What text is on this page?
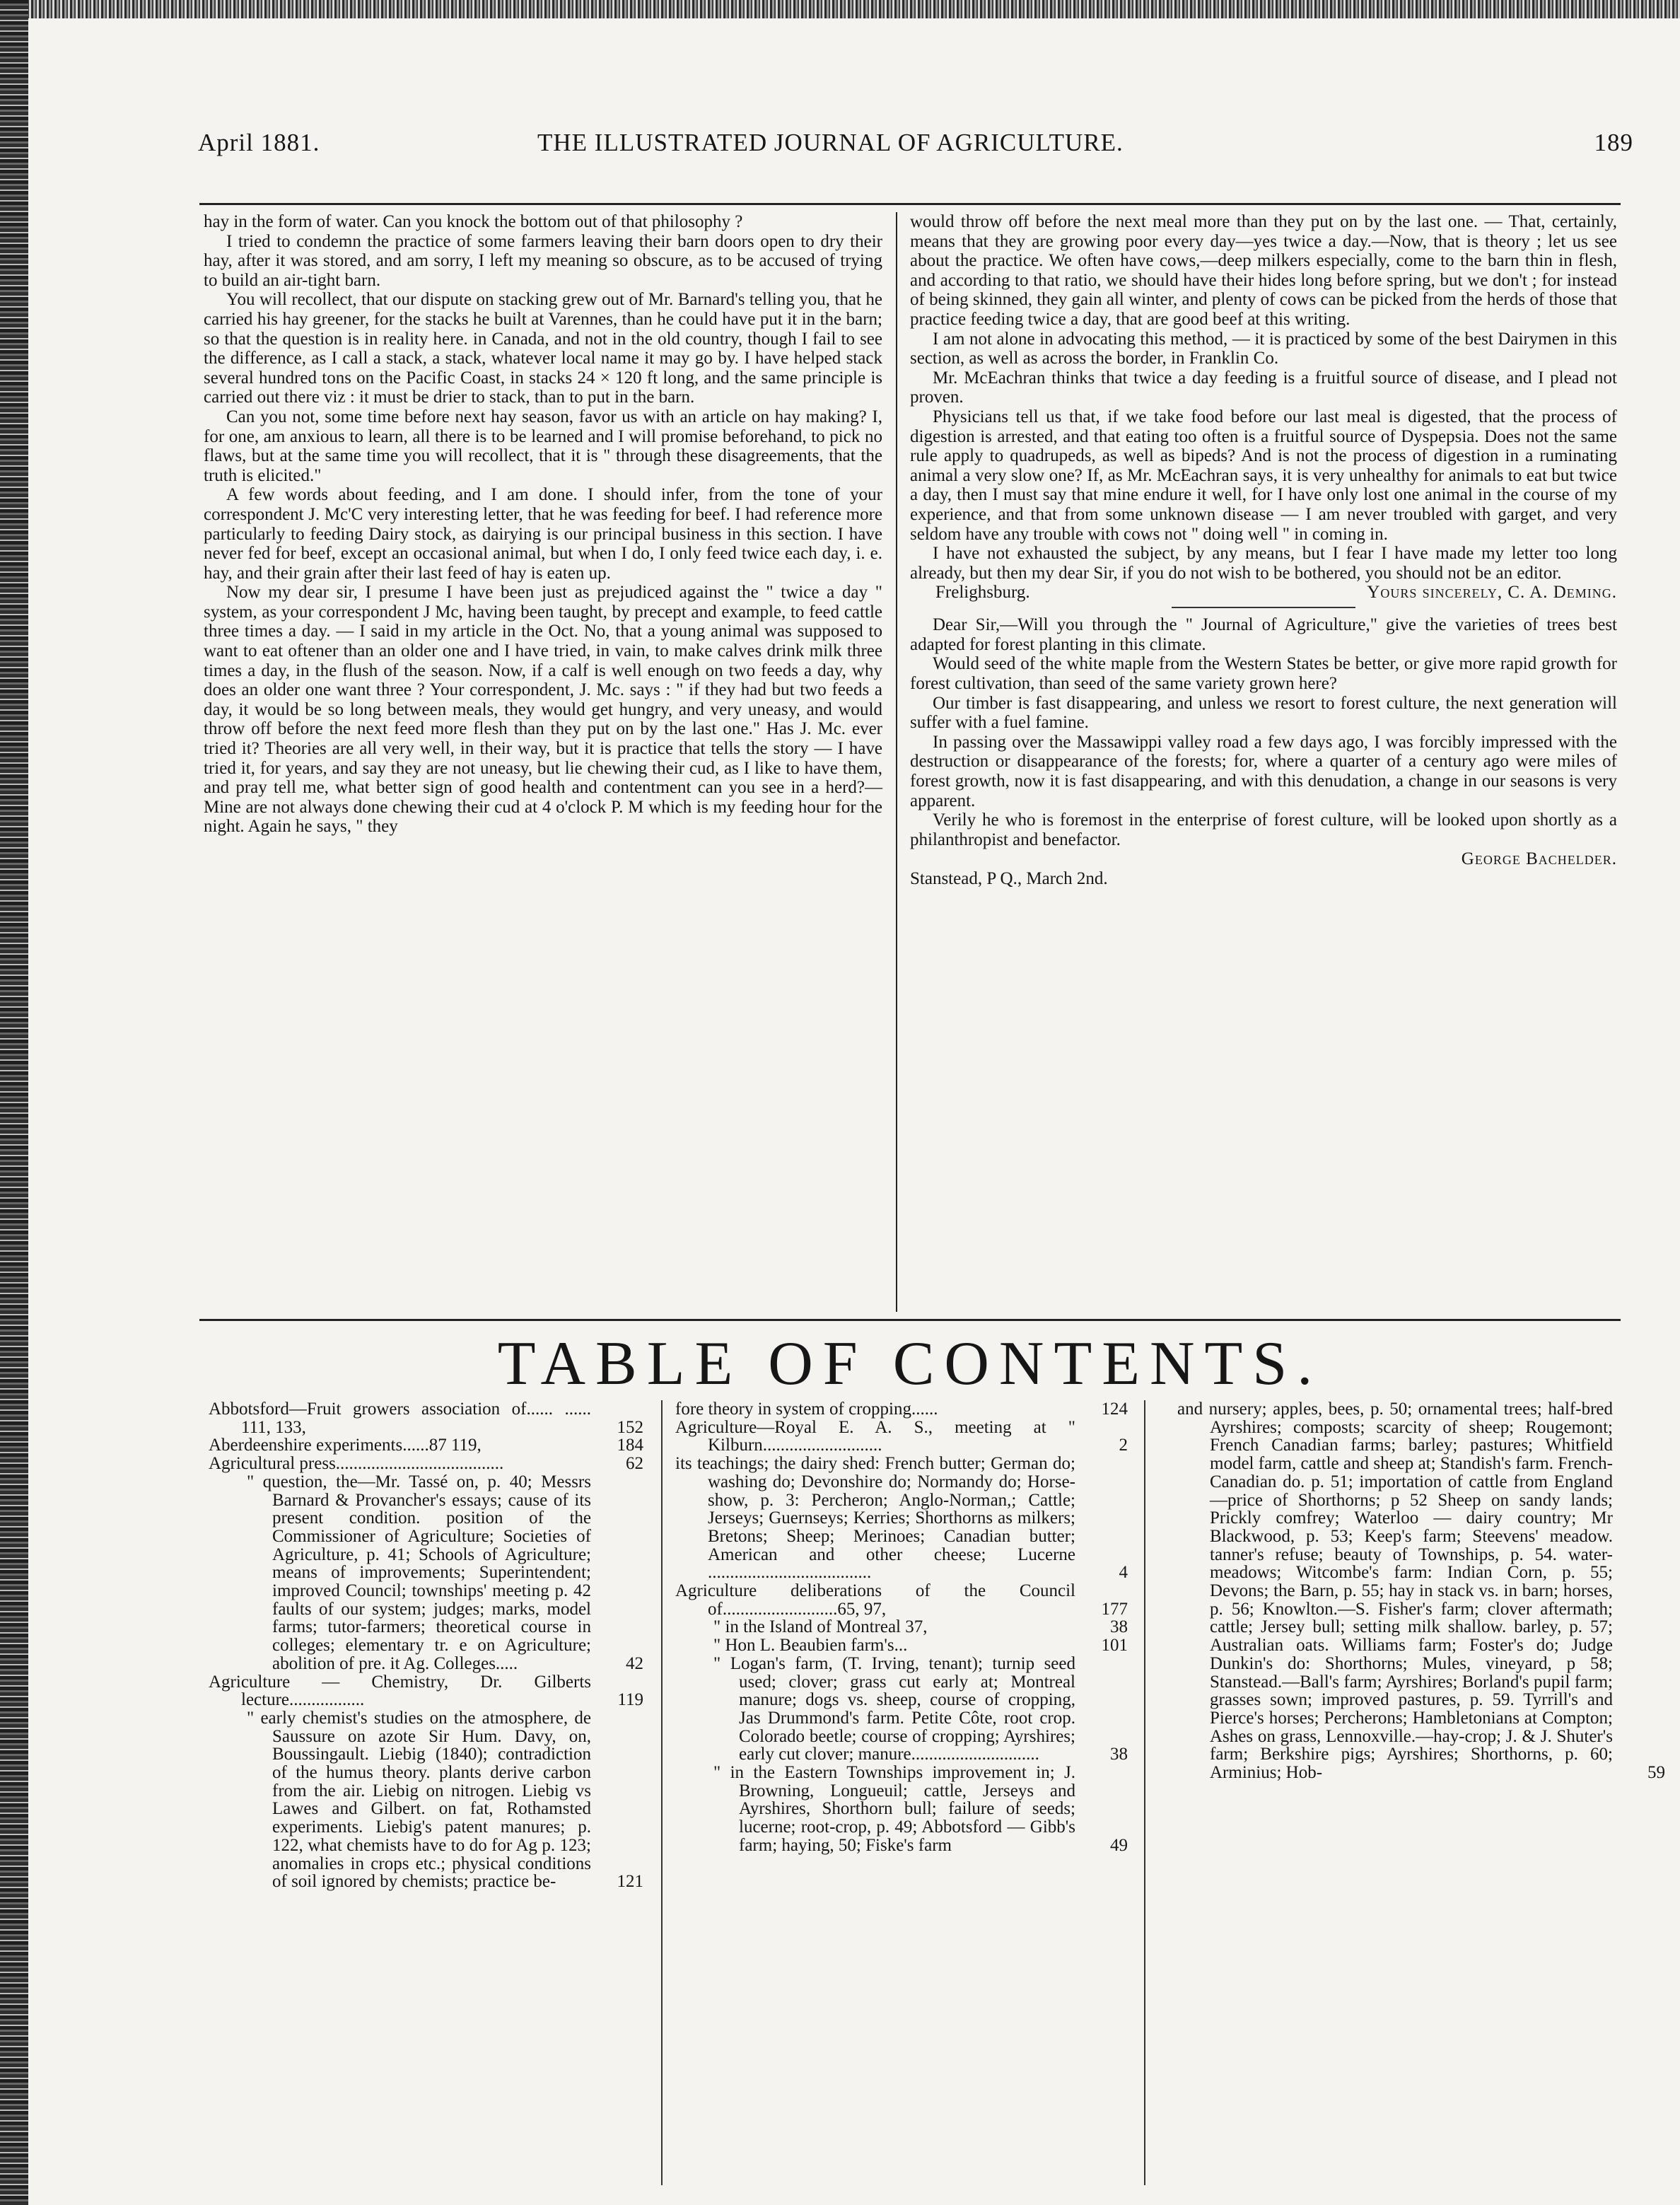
April 1881.	THE ILLUSTRATED JOURNAL OF AGRICULTURE.	189

hay in the form of water. Can you knock the bottom out of that philosophy ?

I tried to condemn the practice of some farmers leaving their barn doors open to dry their hay, after it was stored, and am sorry, I left my meaning so obscure, as to be accused of trying to build an air-tight barn.

You will recollect, that our dispute on stacking grew out of Mr. Barnard's telling you, that he carried his hay greener, for the stacks he built at Varennes, than he could have put it in the barn; so that the question is in reality here. in Canada, and not in the old country, though I fail to see the difference, as I call a stack, a stack, whatever local name it may go by. I have helped stack several hundred tons on the Pacific Coast, in stacks 24 × 120 ft long, and the same principle is carried out there viz : it must be drier to stack, than to put in the barn.

Can you not, some time before next hay season, favor us with an article on hay making? I, for one, am anxious to learn, all there is to be learned and I will promise beforehand, to pick no flaws, but at the same time you will recollect, that it is " through these disagreements, that the truth is elicited."

A few words about feeding, and I am done. I should infer, from the tone of your correspondent J. Mc'C very interesting letter, that he was feeding for beef. I had reference more particularly to feeding Dairy stock, as dairying is our principal business in this section. I have never fed for beef, except an occasional animal, but when I do, I only feed twice each day, i. e. hay, and their grain after their last feed of hay is eaten up.

Now my dear sir, I presume I have been just as prejudiced against the " twice a day " system, as your correspondent J Mc, having been taught, by precept and example, to feed cattle three times a day. — I said in my article in the Oct. No, that a young animal was supposed to want to eat oftener than an older one and I have tried, in vain, to make calves drink milk three times a day, in the flush of the season. Now, if a calf is well enough on two feeds a day, why does an older one want three ? Your correspondent, J. Mc. says : " if they had but two feeds a day, it would be so long between meals, they would get hungry, and very uneasy, and would throw off before the next feed more flesh than they put on by the last one." Has J. Mc. ever tried it? Theories are all very well, in their way, but it is practice that tells the story — I have tried it, for years, and say they are not uneasy, but lie chewing their cud, as I like to have them, and pray tell me, what better sign of good health and contentment can you see in a herd?— Mine are not always done chewing their cud at 4 o'clock P. M which is my feeding hour for the night. Again he says, " they

would throw off before the next meal more than they put on by the last one. — That, certainly, means that they are growing poor every day—yes twice a day.—Now, that is theory ; let us see about the practice. We often have cows,—deep milkers especially, come to the barn thin in flesh, and according to that ratio, we should have their hides long before spring, but we don't ; for instead of being skinned, they gain all winter, and plenty of cows can be picked from the herds of those that practice feeding twice a day, that are good beef at this writing.

I am not alone in advocating this method, — it is practiced by some of the best Dairymen in this section, as well as across the border, in Franklin Co.

Mr. McEachran thinks that twice a day feeding is a fruitful source of disease, and I plead not proven.

Physicians tell us that, if we take food before our last meal is digested, that the process of digestion is arrested, and that eating too often is a fruitful source of Dyspepsia. Does not the same rule apply to quadrupeds, as well as bipeds? And is not the process of digestion in a ruminating animal a very slow one? If, as Mr. McEachran says, it is very unhealthy for animals to eat but twice a day, then I must say that mine endure it well, for I have only lost one animal in the course of my experience, and that from some unknown disease — I am never troubled with garget, and very seldom have any trouble with cows not " doing well " in coming in.

I have not exhausted the subject, by any means, but I fear I have made my letter too long already, but then my dear Sir, if you do not wish to be bothered, you should not be an editor.

Frelighsburg.	Yours sincerely, C. A. Deming.

Dear Sir,—Will you through the " Journal of Agriculture," give the varieties of trees best adapted for forest planting in this climate.

Would seed of the white maple from the Western States be better, or give more rapid growth for forest cultivation, than seed of the same variety grown here?

Our timber is fast disappearing, and unless we resort to forest culture, the next generation will suffer with a fuel famine.

In passing over the Massawippi valley road a few days ago, I was forcibly impressed with the destruction or disappearance of the forests; for, where a quarter of a century ago were miles of forest growth, now it is fast disappearing, and with this denudation, a change in our seasons is very apparent.

Verily he who is foremost in the enterprise of forest culture, will be looked upon shortly as a philanthropist and benefactor.

George Bachelder.

Stanstead, P Q., March 2nd.

TABLE OF CONTENTS.
Abbotsford—Fruit growers association of...... ...... 111, 133,	152
Aberdeenshire experiments......87 119,	184
Agricultural press......................................	62
" question, the—Mr. Tassé on, p. 40; Messrs Barnard & Provancher's essays; cause of its present condition. position of the Commissioner of Agriculture; Societies of Agriculture, p. 41; Schools of Agriculture; means of improvements; Superintendent; improved Council; townships' meeting p. 42 faults of our system; judges; marks, model farms; tutor-farmers; theoretical course in colleges; elementary tr. e on Agriculture; abolition of pre. it Ag. Colleges.....	42
Agriculture — Chemistry, Dr. Gilberts lecture.................	119
" early chemist's studies on the atmosphere, de Saussure on azote Sir Hum. Davy, on, Boussingault. Liebig (1840); contradiction of the humus theory. plants derive carbon from the air. Liebig on nitrogen. Liebig vs Lawes and Gilbert. on fat, Rothamsted experiments. Liebig's patent manures; p. 122, what chemists have to do for Ag p. 123; anomalies in crops etc.; physical conditions of soil ignored by chemists; practice be-	121
fore theory in system of cropping......	124
Agriculture—Royal E. A. S., meeting at " Kilburn...........................	2
its teachings; the dairy shed: French butter; German do; washing do; Devonshire do; Normandy do; Horse-show, p. 3: Percheron; Anglo-Norman,; Cattle; Jerseys; Guernseys; Kerries; Shorthorns as milkers; Bretons; Sheep; Merinoes; Canadian butter; American and other cheese; Lucerne .....................................	4
Agriculture deliberations of the Council of..........................65, 97,	177
" in the Island of Montreal 37,	38
" Hon L. Beaubien farm's...	101
" Logan's farm, (T. Irving, tenant); turnip seed used; clover; grass cut early at; Montreal manure; dogs vs. sheep, course of cropping, Jas Drummond's farm. Petite Côte, root crop. Colorado beetle; course of cropping; Ayrshires; early cut clover; manure.............................	38
" in the Eastern Townships improvement in; J. Browning, Longueuil; cattle, Jerseys and Ayrshires, Shorthorn bull; failure of seeds; lucerne; root-crop, p. 49; Abbotsford — Gibb's farm; haying, 50; Fiske's farm	49
and nursery; apples, bees, p. 50; ornamental trees; half-bred Ayrshires; composts; scarcity of sheep; Rougemont; French Canadian farms; barley; pastures; Whitfield model farm, cattle and sheep at; Standish's farm. French-Canadian do. p. 51; importation of cattle from England—price of Shorthorns; p 52 Sheep on sandy lands; Prickly comfrey; Waterloo — dairy country; Mr Blackwood, p. 53; Keep's farm; Steevens' meadow. tanner's refuse; beauty of Townships, p. 54. water-meadows; Witcombe's farm: Indian Corn, p. 55; Devons; the Barn, p. 55; hay in stack vs. in barn; horses, p. 56; Knowlton.—S. Fisher's farm; clover aftermath; cattle; Jersey bull; setting milk shallow. barley, p. 57; Australian oats. Williams farm; Foster's do; Judge Dunkin's do: Shorthorns; Mules, vineyard, p 58; Stanstead.—Ball's farm; Ayrshires; Borland's pupil farm; grasses sown; improved pastures, p. 59. Tyrrill's and Pierce's horses; Percherons; Hambletonians at Compton; Ashes on grass, Lennoxville.—hay-crop; J. & J. Shuter's farm; Berkshire pigs; Ayrshires; Shorthorns, p. 60; Arminius; Hob-	59
